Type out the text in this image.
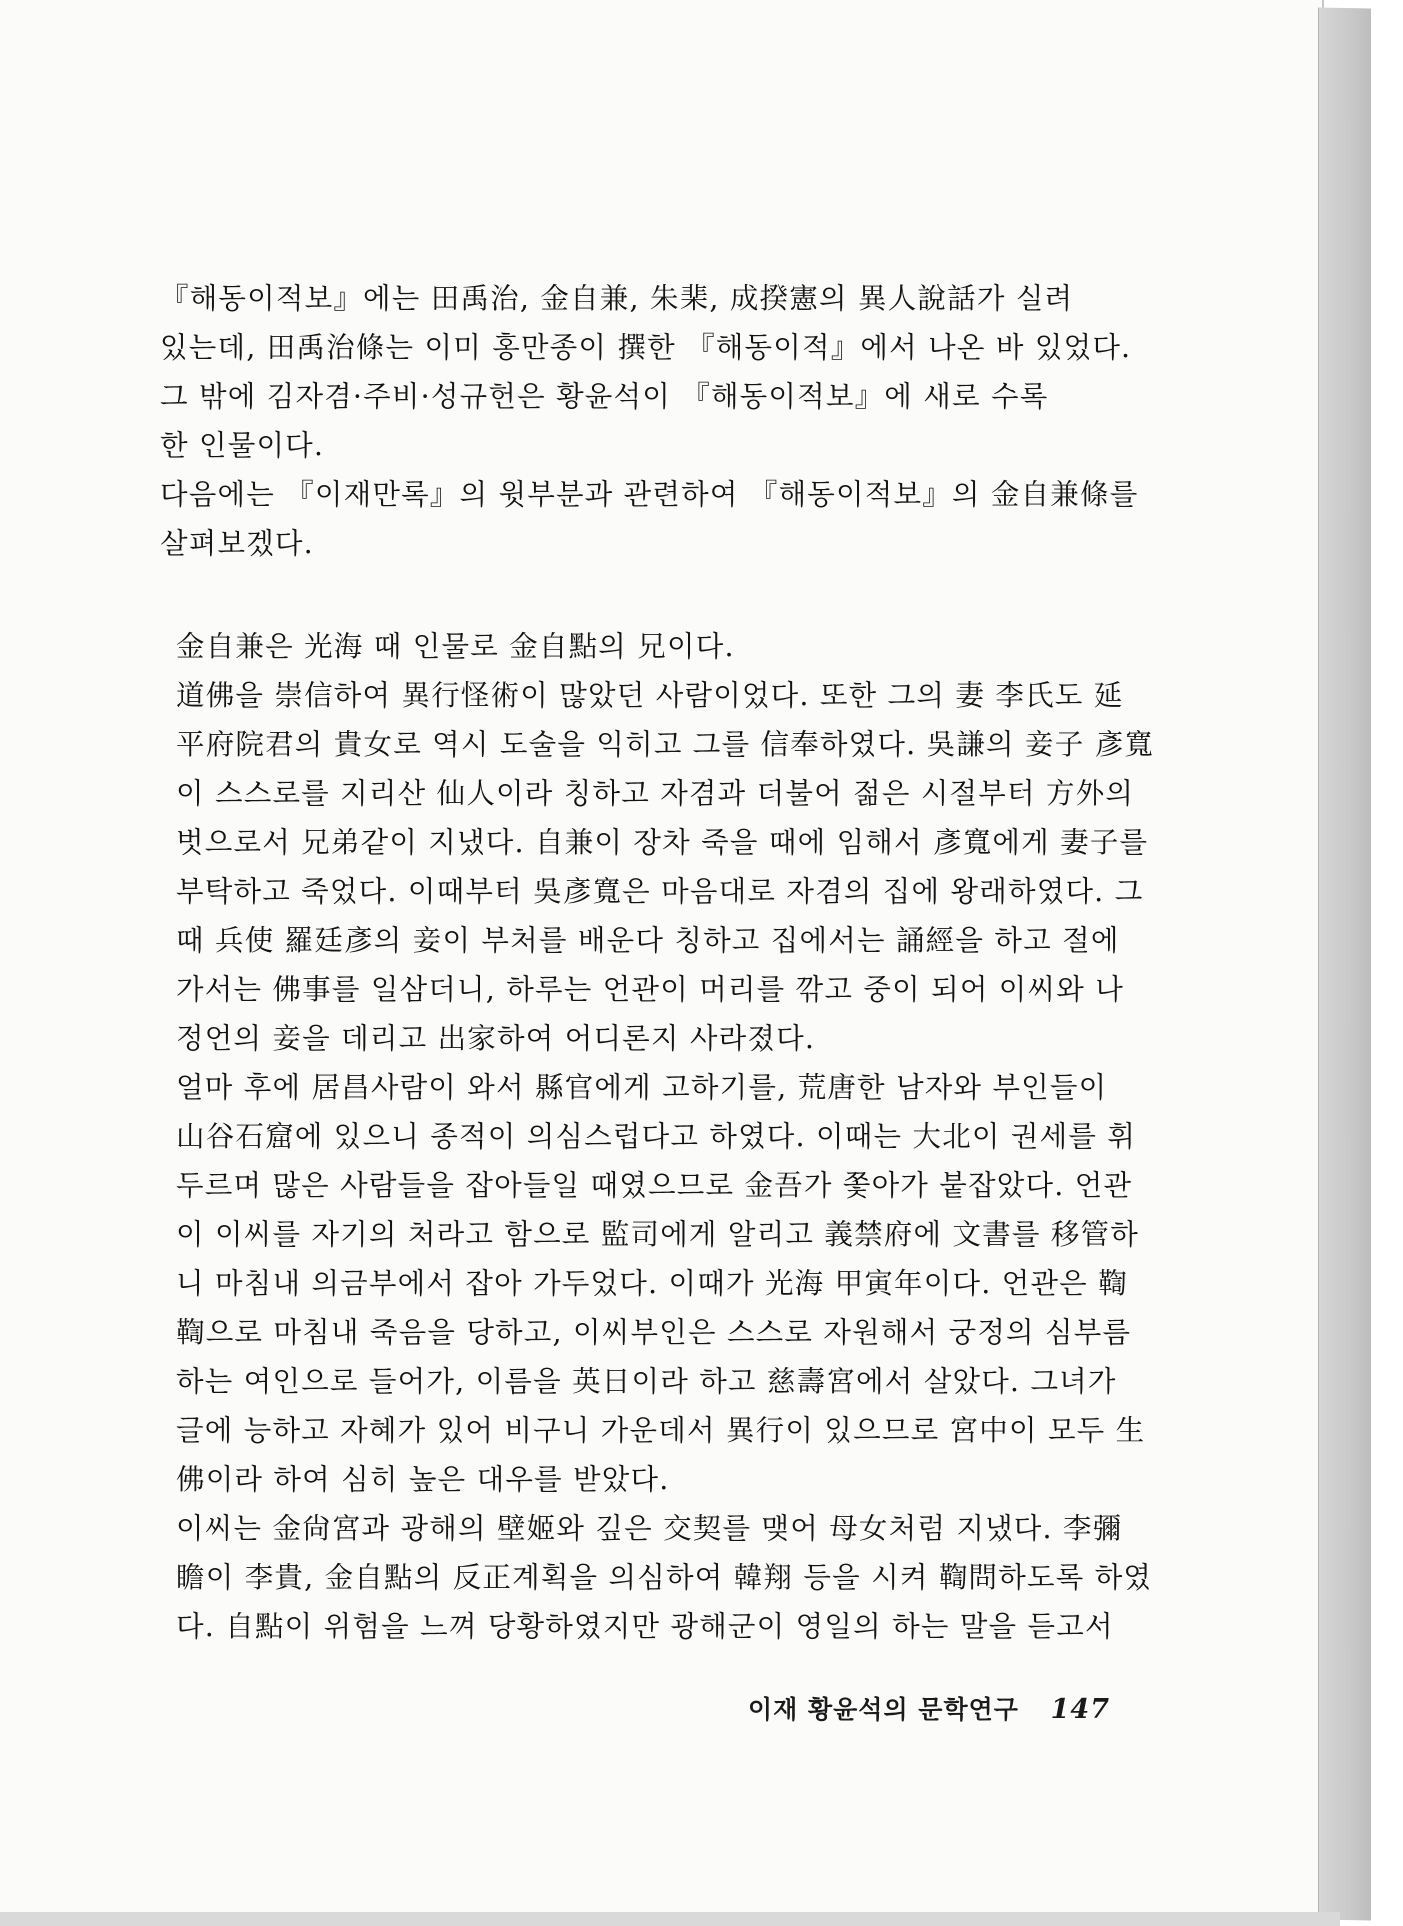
『해동이적보』에는 田禹治, 金自兼, 朱棐, 成揆憲의 異人說話가 실려
있는데, 田禹治條는 이미 홍만종이 撰한 『해동이적』에서 나온 바 있었다.
그 밖에 김자겸·주비·성규헌은 황윤석이 『해동이적보』에 새로 수록
한 인물이다.
다음에는 『이재만록』의 윗부분과 관련하여 『해동이적보』의 金自兼條를
살펴보겠다.
金自兼은 光海 때 인물로 金自點의 兄이다.
道佛을 崇信하여 異行怪術이 많았던 사람이었다. 또한 그의 妻 李氏도 延
平府院君의 貴女로 역시 도술을 익히고 그를 信奉하였다. 吳謙의 妾子 彥寬
이 스스로를 지리산 仙人이라 칭하고 자겸과 더불어 젊은 시절부터 方外의
벗으로서 兄弟같이 지냈다. 自兼이 장차 죽을 때에 임해서 彥寬에게 妻子를
부탁하고 죽었다. 이때부터 吳彥寬은 마음대로 자겸의 집에 왕래하였다. 그
때 兵使 羅廷彥의 妾이 부처를 배운다 칭하고 집에서는 誦經을 하고 절에
가서는 佛事를 일삼더니, 하루는 언관이 머리를 깎고 중이 되어 이씨와 나
정언의 妾을 데리고 出家하여 어디론지 사라졌다.
얼마 후에 居昌사람이 와서 縣官에게 고하기를, 荒唐한 남자와 부인들이
山谷石窟에 있으니 종적이 의심스럽다고 하였다. 이때는 大北이 권세를 휘
두르며 많은 사람들을 잡아들일 때였으므로 金吾가 쫓아가 붙잡았다. 언관
이 이씨를 자기의 처라고 함으로 監司에게 알리고 義禁府에 文書를 移管하
니 마침내 의금부에서 잡아 가두었다. 이때가 光海 甲寅年이다. 언관은 鞫
鞫으로 마침내 죽음을 당하고, 이씨부인은 스스로 자원해서 궁정의 심부름
하는 여인으로 들어가, 이름을 英日이라 하고 慈壽宮에서 살았다. 그녀가
글에 능하고 자혜가 있어 비구니 가운데서 異行이 있으므로 宮中이 모두 生
佛이라 하여 심히 높은 대우를 받았다.
이씨는 金尙宮과 광해의 壁姬와 깊은 交契를 맺어 母女처럼 지냈다. 李彌
瞻이 李貴, 金自點의 反正계획을 의심하여 韓翔 등을 시켜 鞫問하도록 하였
다. 自點이 위험을 느껴 당황하였지만 광해군이 영일의 하는 말을 듣고서
이재 황윤석의 문학연구 147
